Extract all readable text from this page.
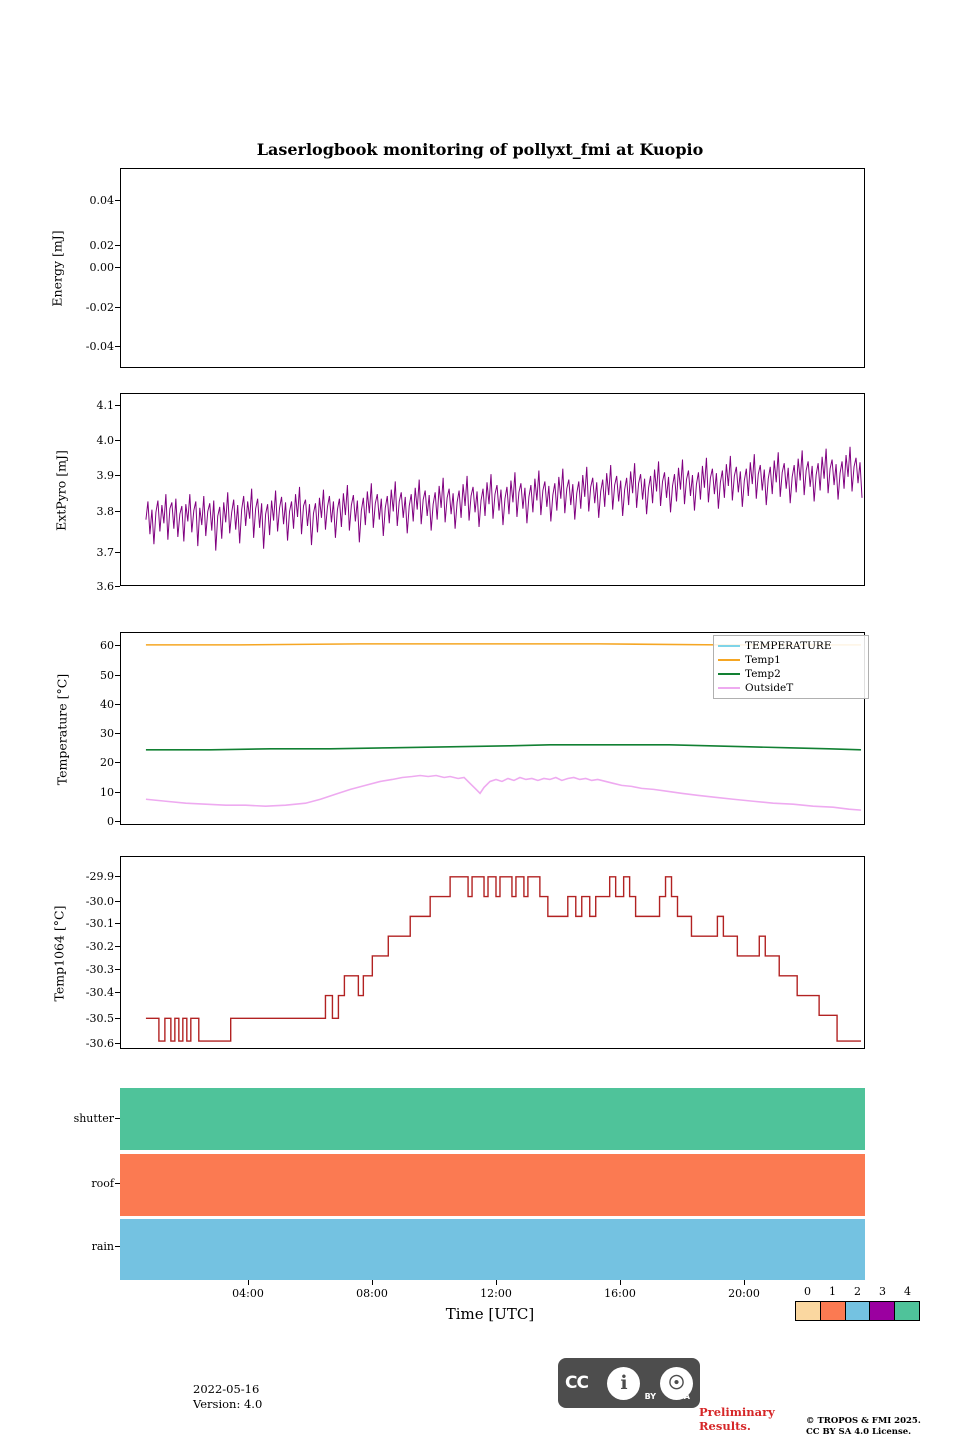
Laserlogbook monitoring of pollyxt_fmi at Kuopio
Energy [mJ]
0.04
0.02
0.00
-0.02
-0.04
ExtPyro [mJ]
4.1
4.0
3.9
3.8
3.7
3.6
Temperature [°C]
60
50
40
30
20
10
0
TEMPERATURE
Temp1
Temp2
OutsideT
Temp1064 [°C]
-29.9
-30.0
-30.1
-30.2
-30.3
-30.4
-30.5
-30.6
shutter
roof
rain
04:00	08:00	12:00	16:00	20:00
Time [UTC]
0	1	2	3	4
2022-05-16
Version: 4.0
CC	i	☉
BY	SA
Preliminary
Results.	© TROPOS & FMI 2025.
CC BY SA 4.0 License.
